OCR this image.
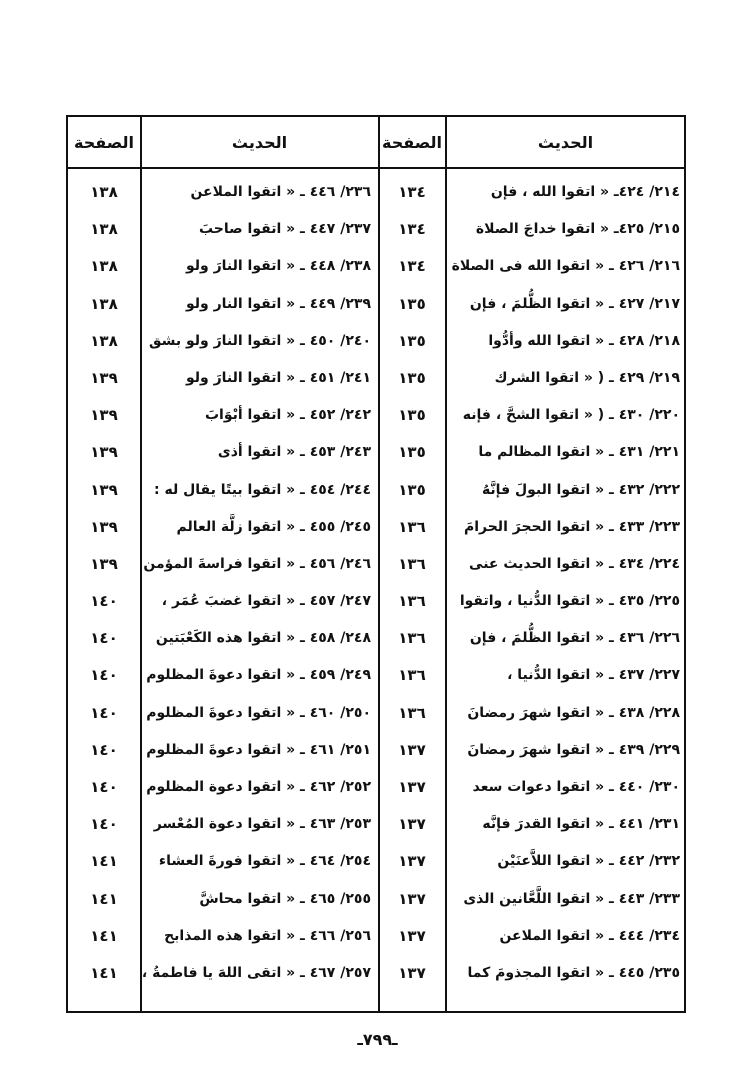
الحديث
الصفحة
الحديث
الصفحة
٢١٤/ ٤٢٤ـ « اتقوا الله ، فإن
١٣٤
٢٣٦/ ٤٤٦ ـ « اتقوا الملاعن
١٣٨
٢١٥/ ٤٢٥ـ « اتقوا خداجَ الصلاة
١٣٤
٢٣٧/ ٤٤٧ ـ « اتقوا صاحبَ
١٣٨
٢١٦/ ٤٢٦ ـ « اتقوا الله فى الصلاة
١٣٤
٢٣٨/ ٤٤٨ ـ « اتقوا النارَ ولو
١٣٨
٢١٧/ ٤٢٧ ـ « اتقوا الظُّلمَ ، فإن
١٣٥
٢٣٩/ ٤٤٩ ـ « اتقوا النار ولو
١٣٨
٢١٨/ ٤٢٨ ـ « اتقوا الله وأدُّوا
١٣٥
٢٤٠/ ٤٥٠ ـ « اتقوا النارَ ولو بشق
١٣٨
٢١٩/ ٤٢٩ ـ ( « اتقوا الشرك
١٣٥
٢٤١/ ٤٥١ ـ « اتقوا النارَ ولو
١٣٩
٢٢٠/ ٤٣٠ ـ ( « اتقوا الشحَّ ، فإنه
١٣٥
٢٤٢/ ٤٥٢ ـ « اتقوا أبْوَابَ
١٣٩
٢٢١/ ٤٣١ ـ « اتقوا المظالم ما
١٣٥
٢٤٣/ ٤٥٣ ـ « اتقوا أذى
١٣٩
٢٢٢/ ٤٣٢ ـ « اتقوا البولَ فإنَّهُ
١٣٥
٢٤٤/ ٤٥٤ ـ « اتقوا بيتًا يقال له :
١٣٩
٢٢٣/ ٤٣٣ ـ « اتقوا الحجرَ الحرامَ
١٣٦
٢٤٥/ ٤٥٥ ـ « اتقوا زلَّة العالم
١٣٩
٢٢٤/ ٤٣٤ ـ « اتقوا الحديث عنى
١٣٦
٢٤٦/ ٤٥٦ ـ « اتقوا فراسةَ المؤمن
١٣٩
٢٢٥/ ٤٣٥ ـ « اتقوا الدُّنيا ، واتقوا
١٣٦
٢٤٧/ ٤٥٧ ـ « اتقوا غضبَ عُمَر ،
١٤٠
٢٢٦/ ٤٣٦ ـ « اتقوا الظُّلمَ ، فإن
١٣٦
٢٤٨/ ٤٥٨ ـ « اتقوا هذه الكَعْبَتين
١٤٠
٢٢٧/ ٤٣٧ ـ « اتقوا الدُّنيا ،
١٣٦
٢٤٩/ ٤٥٩ ـ « اتقوا دعوةَ المظلوم
١٤٠
٢٢٨/ ٤٣٨ ـ « اتقوا شهرَ رمضانَ
١٣٦
٢٥٠/ ٤٦٠ ـ « اتقوا دعوةَ المظلوم
١٤٠
٢٢٩/ ٤٣٩ ـ « اتقوا شهرَ رمضانَ
١٣٧
٢٥١/ ٤٦١ ـ « اتقوا دعوةَ المظلوم
١٤٠
٢٣٠/ ٤٤٠ ـ « اتقوا دعوات سعد
١٣٧
٢٥٢/ ٤٦٢ ـ « اتقوا دعوة المظلوم
١٤٠
٢٣١/ ٤٤١ ـ « اتقوا القدرَ فإنَّه
١٣٧
٢٥٣/ ٤٦٣ ـ « اتقوا دعوة المُعْسر
١٤٠
٢٣٢/ ٤٤٢ ـ « اتقوا اللاَّعنَيْن
١٣٧
٢٥٤/ ٤٦٤ ـ « اتقوا فورةَ العشاء
١٤١
٢٣٣/ ٤٤٣ ـ « اتقوا اللَّعَّانين الذى
١٣٧
٢٥٥/ ٤٦٥ ـ « اتقوا محاشَّ
١٤١
٢٣٤/ ٤٤٤ ـ « اتقوا الملاعن
١٣٧
٢٥٦/ ٤٦٦ ـ « اتقوا هذه المذابح
١٤١
٢٣٥/ ٤٤٥ ـ « اتقوا المجذومَ كما
١٣٧
٢٥٧/ ٤٦٧ ـ « اتقى اللهَ يا فاطمةُ ،
١٤١
ـ٧٩٩ـ
